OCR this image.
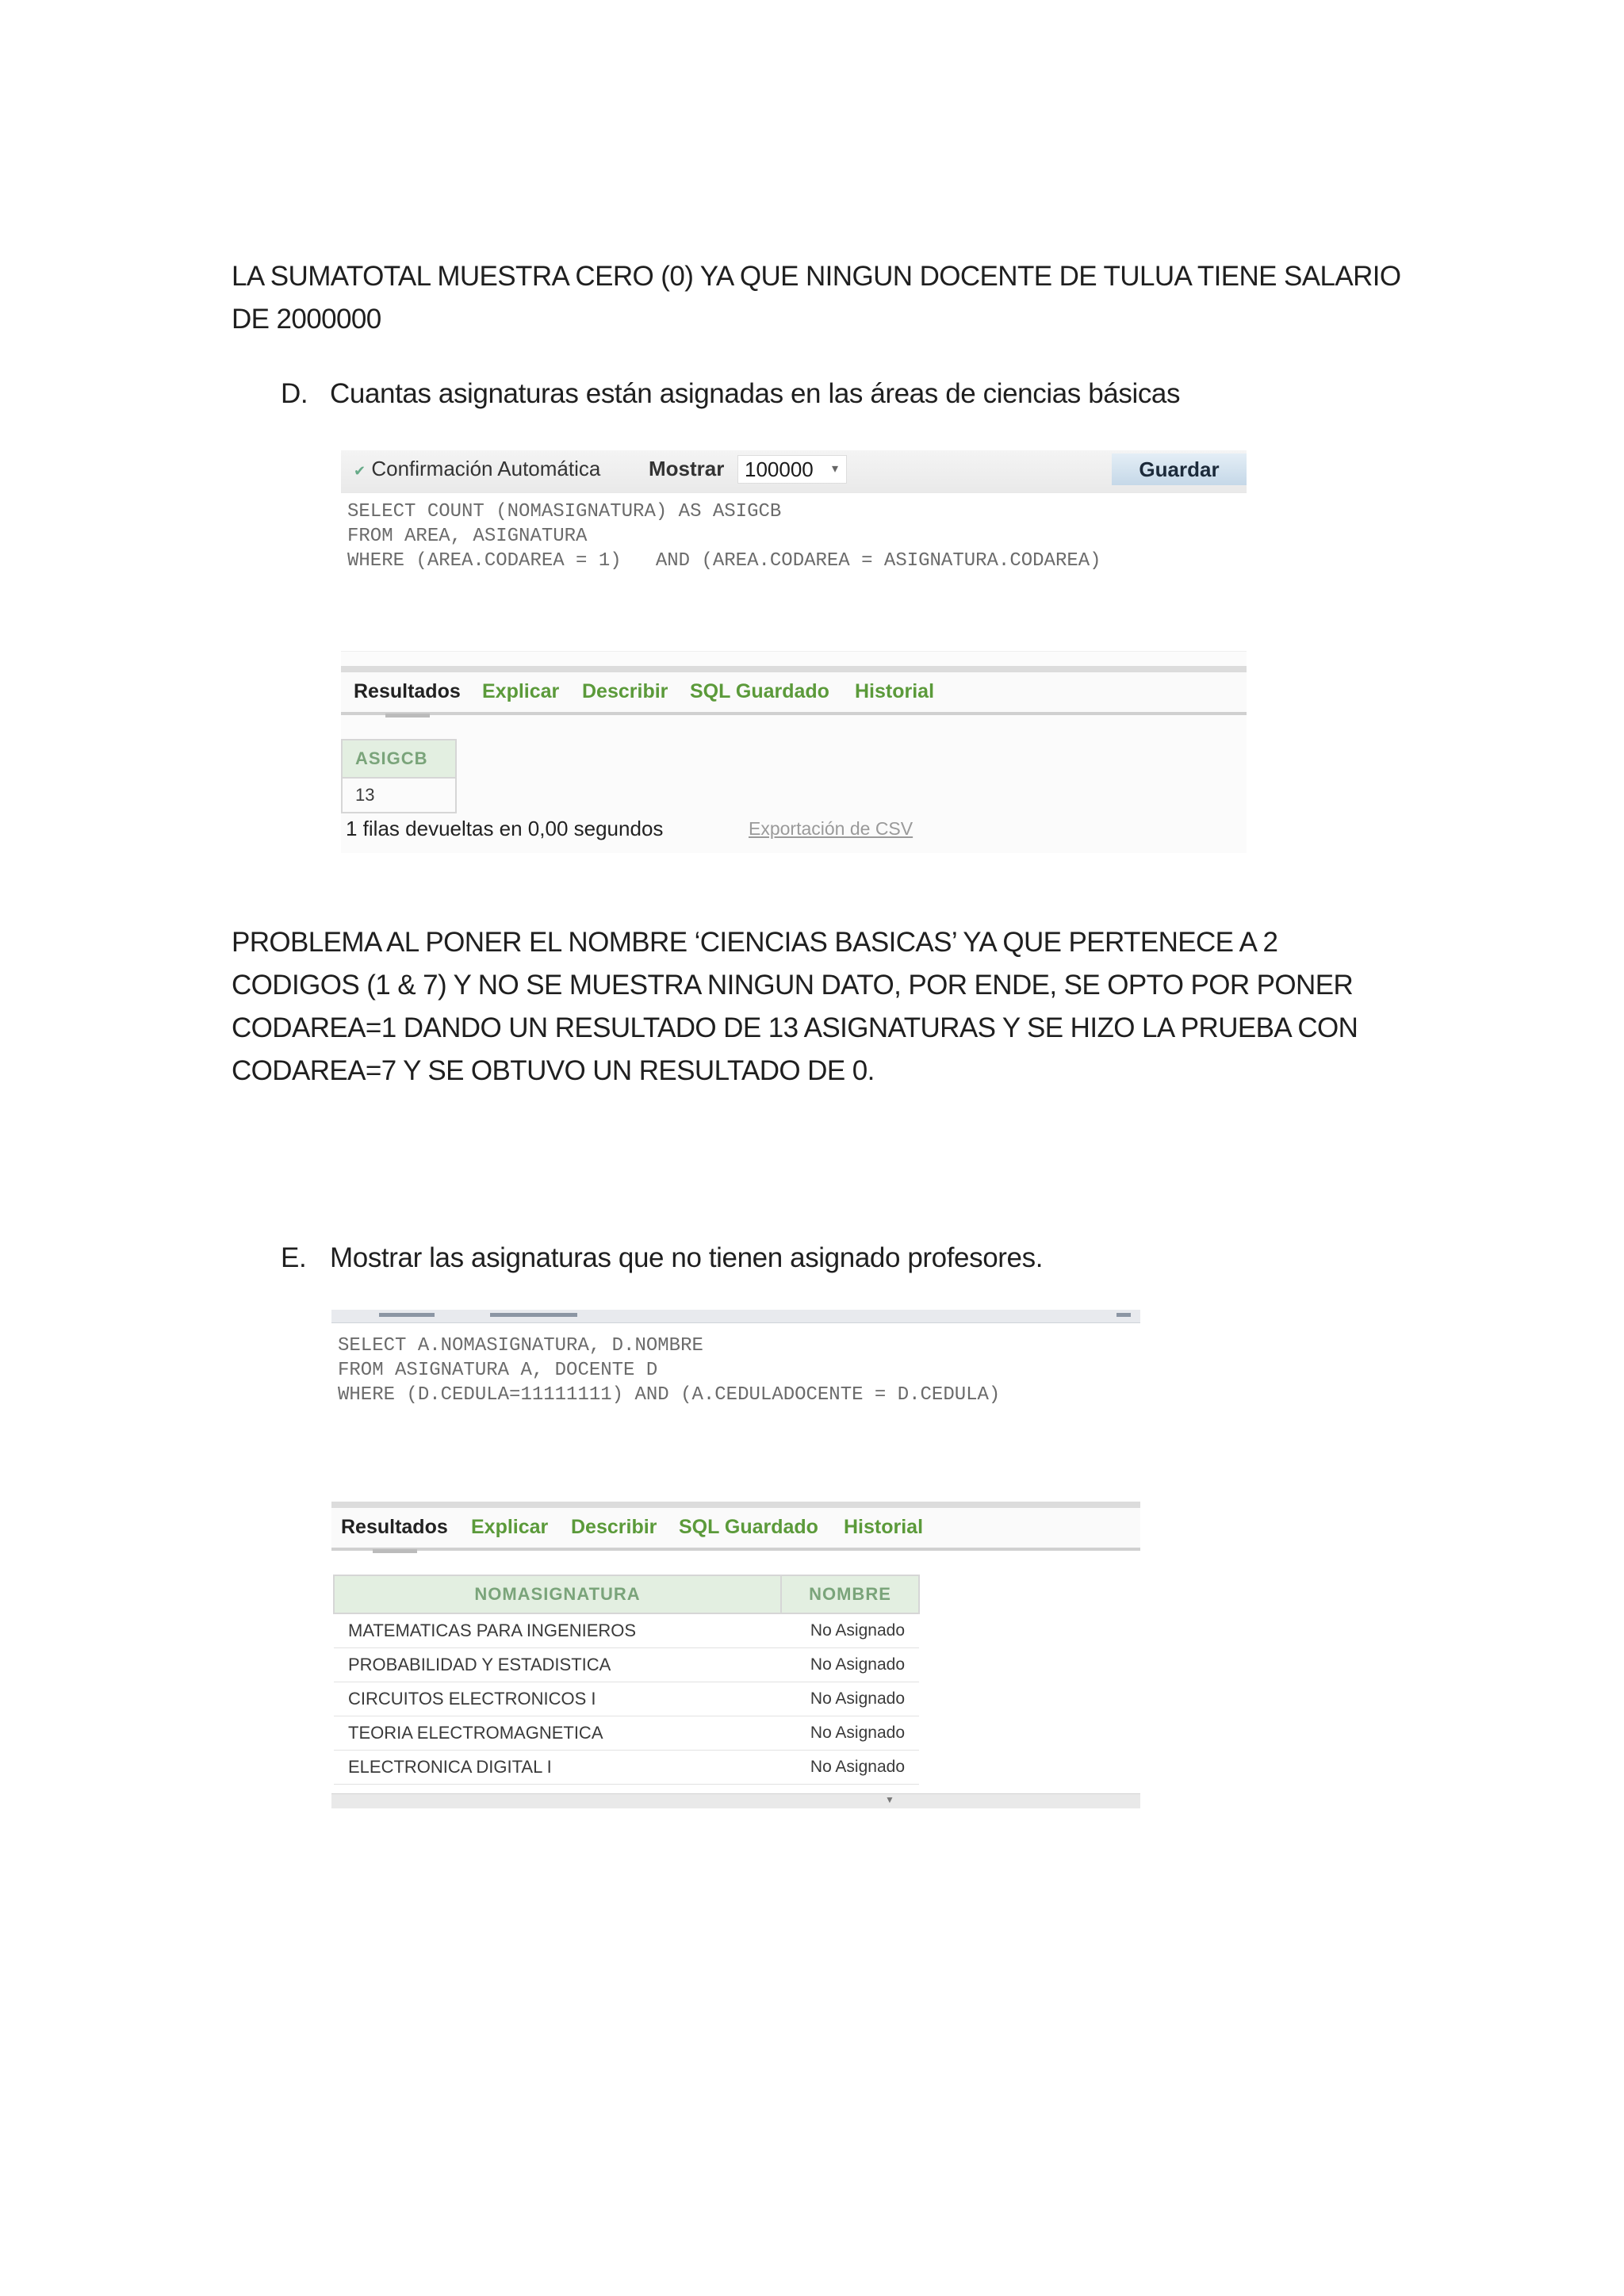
LA SUMATOTAL MUESTRA CERO (0) YA QUE NINGUN DOCENTE DE TULUA TIENE SALARIO DE 2000000
D. Cuantas asignaturas están asignadas en las áreas de ciencias básicas
✔ Confirmación Automática Mostrar 100000 ▾	Guardar
SELECT COUNT (NOMASIGNATURA) AS ASIGCB
FROM AREA, ASIGNATURA
WHERE (AREA.CODAREA = 1)   AND (AREA.CODAREA = ASIGNATURA.CODAREA)
Resultados Explicar Describir SQL Guardado Historial
ASIGCB
13
1 filas devueltas en 0,00 segundos	Exportación de CSV
PROBLEMA AL PONER EL NOMBRE ‘CIENCIAS BASICAS’ YA QUE PERTENECE A 2 CODIGOS (1 & 7) Y NO SE MUESTRA NINGUN DATO, POR ENDE, SE OPTO POR PONER CODAREA=1 DANDO UN RESULTADO DE 13 ASIGNATURAS Y SE HIZO LA PRUEBA CON CODAREA=7 Y SE OBTUVO UN RESULTADO DE 0.
E. Mostrar las asignaturas que no tienen asignado profesores.
SELECT A.NOMASIGNATURA, D.NOMBRE
FROM ASIGNATURA A, DOCENTE D
WHERE (D.CEDULA=11111111) AND (A.CEDULADOCENTE = D.CEDULA)
Resultados Explicar Describir SQL Guardado Historial
NOMASIGNATURA	NOMBRE
MATEMATICAS PARA INGENIEROS	No Asignado
PROBABILIDAD Y ESTADISTICA	No Asignado
CIRCUITOS ELECTRONICOS I	No Asignado
TEORIA ELECTROMAGNETICA	No Asignado
ELECTRONICA DIGITAL I	No Asignado
▼
